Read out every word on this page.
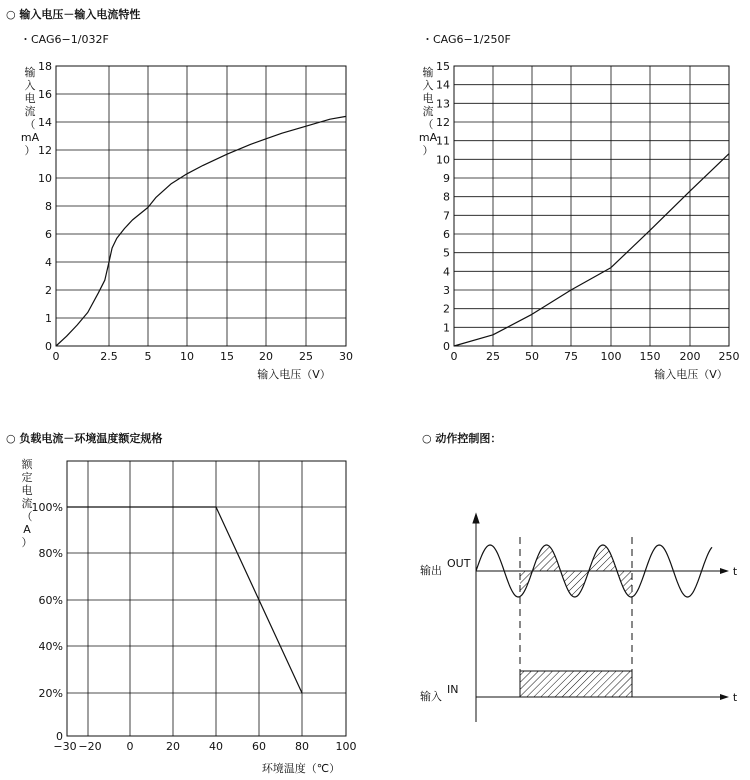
○ 输入电压－输入电流特性
・CAG6−1/032F	・CAG6−1/250F
○ 负载电流－环境温度额定规格	○ 动作控制图：
0	2.5 5	10 15 20 25 30
0
1
2
4
6
8
10
12
14
16
18
输
入
电
流
（
mA
）
输入电压（V）
0	25 50 75 100 150 200 250
0
1
2
3
4
5
6
7
8
9
10
11
12
13
14
15
输
入
电
流
（
mA
）
输入电压（V）
−30 −20 0	20	40	60	80 100
0
20%
40%
60%
80%
100%
额
定
电
流
（
A
）
环境温度（℃）
t
t
OUT
输出
IN
输入
